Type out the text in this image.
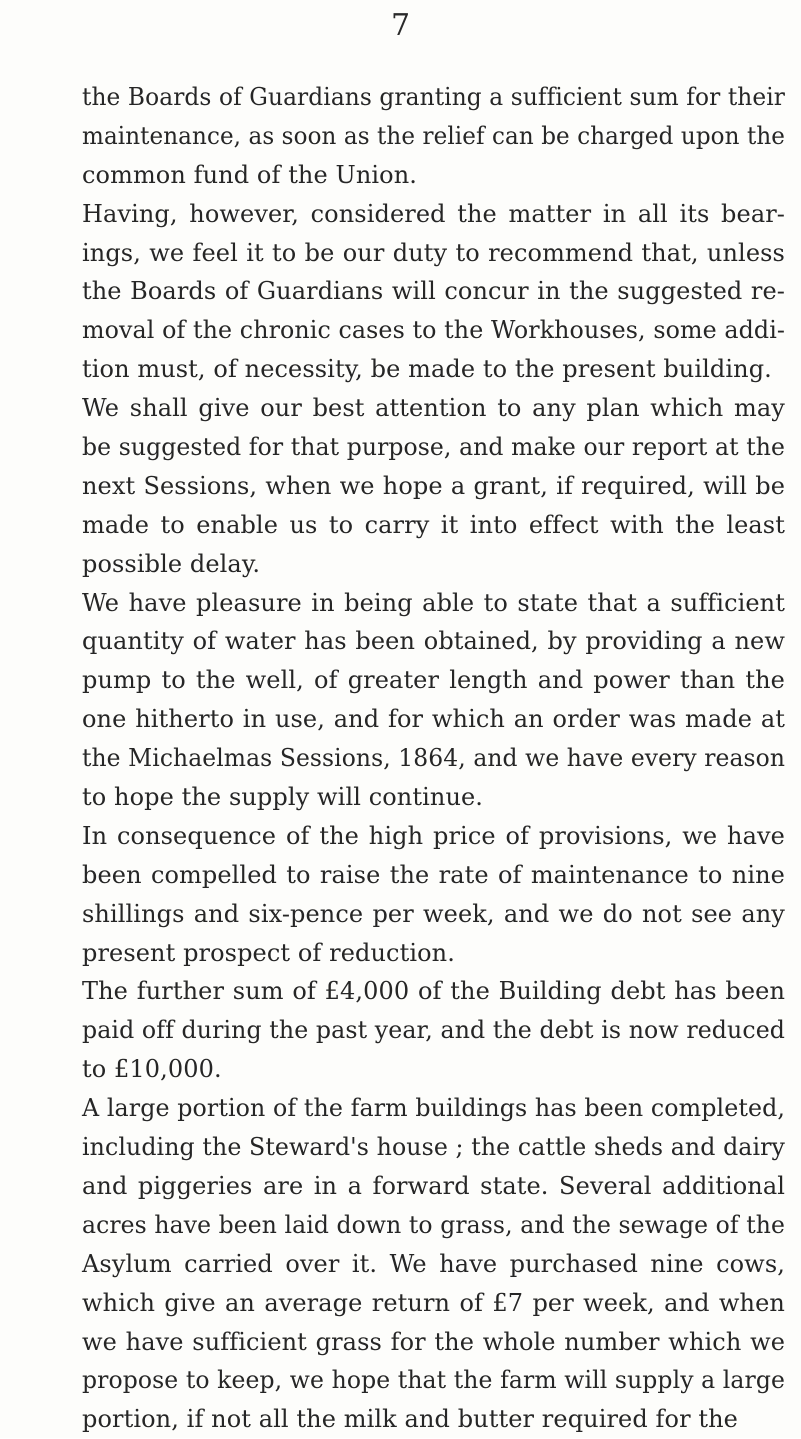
7
the Boards of Guardians granting a sufficient sum for their
maintenance, as soon as the relief can be charged upon the
common fund of the Union.
Having, however, considered the matter in all its bear-
ings, we feel it to be our duty to recommend that, unless
the Boards of Guardians will concur in the suggested re-
moval of the chronic cases to the Workhouses, some addi-
tion must, of necessity, be made to the present building.
We shall give our best attention to any plan which may
be suggested for that purpose, and make our report at the
next Sessions, when we hope a grant, if required, will be
made to enable us to carry it into effect with the least
possible delay.
We have pleasure in being able to state that a sufficient
quantity of water has been obtained, by providing a new
pump to the well, of greater length and power than the
one hitherto in use, and for which an order was made at
the Michaelmas Sessions, 1864, and we have every reason
to hope the supply will continue.
In consequence of the high price of provisions, we have
been compelled to raise the rate of maintenance to nine
shillings and six-pence per week, and we do not see any
present prospect of reduction.
The further sum of £4,000 of the Building debt has been
paid off during the past year, and the debt is now reduced
to £10,000.
A large portion of the farm buildings has been completed,
including the Steward's house ; the cattle sheds and dairy
and piggeries are in a forward state. Several additional
acres have been laid down to grass, and the sewage of the
Asylum carried over it. We have purchased nine cows,
which give an average return of £7 per week, and when
we have sufficient grass for the whole number which we
propose to keep, we hope that the farm will supply a large
portion, if not all the milk and butter required for the
